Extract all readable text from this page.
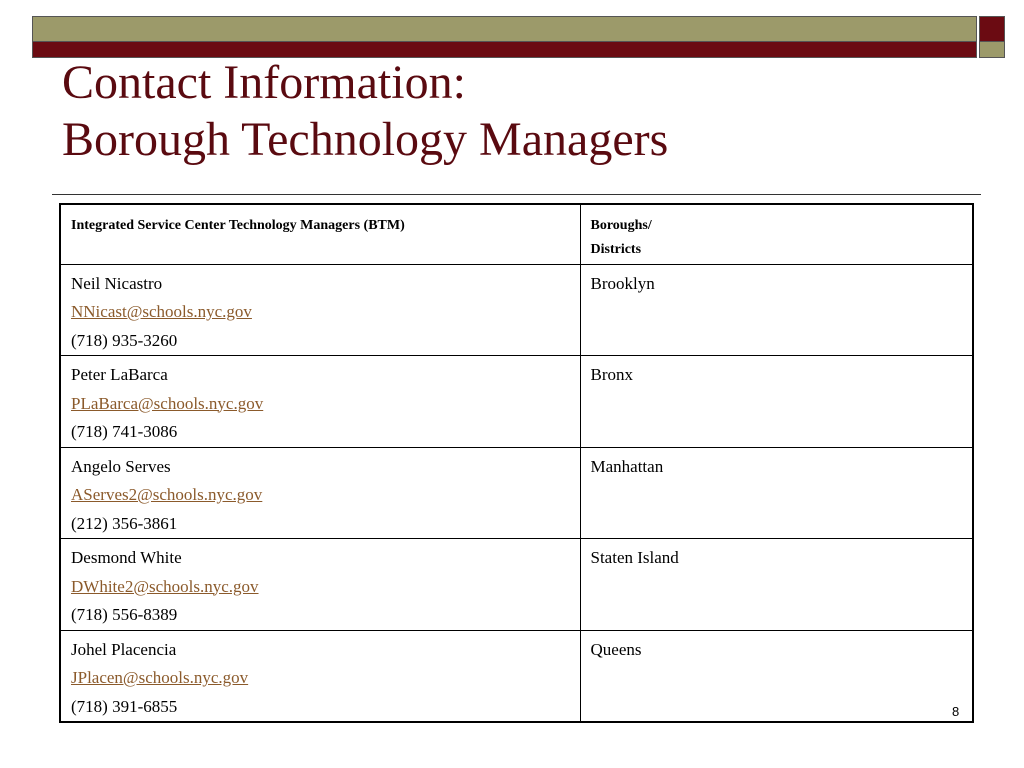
Contact Information:
Borough Technology Managers
Integrated Service Center Technology Managers (BTM)	Boroughs/
Districts

Neil Nicastro
NNicast@schools.nyc.gov
(718) 935-3260	Brooklyn

Peter LaBarca
PLaBarca@schools.nyc.gov
(718) 741-3086	Bronx

Angelo Serves
AServes2@schools.nyc.gov
(212) 356-3861	Manhattan

Desmond White
DWhite2@schools.nyc.gov
(718) 556-8389	Staten Island

Johel Placencia
JPlacen@schools.nyc.gov
(718) 391-6855	Queens
8
